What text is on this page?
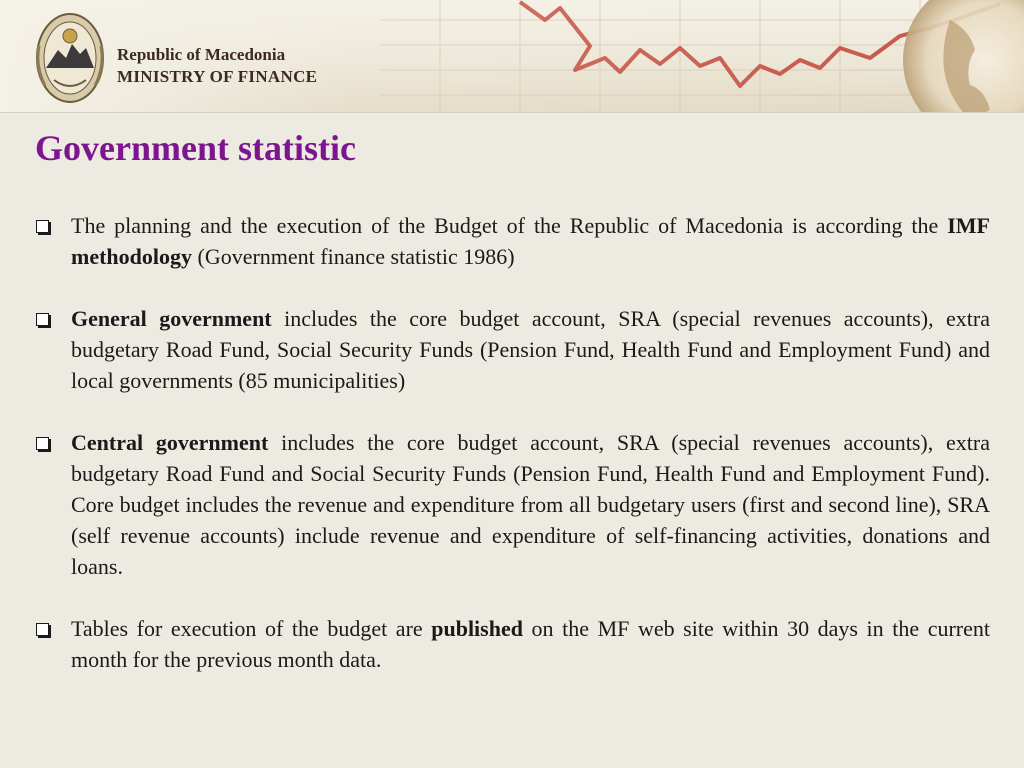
Republic of Macedonia
MINISTRY OF FINANCE
Government statistic
The planning and the execution of the Budget of the Republic of Macedonia is according the IMF methodology (Government finance statistic 1986)
General government includes the core budget account, SRA (special revenues accounts), extra budgetary Road Fund, Social Security Funds (Pension Fund, Health Fund and Employment Fund) and local governments (85 municipalities)
Central government includes the core budget account, SRA (special revenues accounts), extra budgetary Road Fund and Social Security Funds (Pension Fund, Health Fund and Employment Fund). Core budget includes the revenue and expenditure from all budgetary users (first and second line), SRA (self revenue accounts) include revenue and expenditure of self-financing activities, donations and loans.
Tables for execution of the budget are published on the MF web site within 30 days in the current month for the previous month data.
